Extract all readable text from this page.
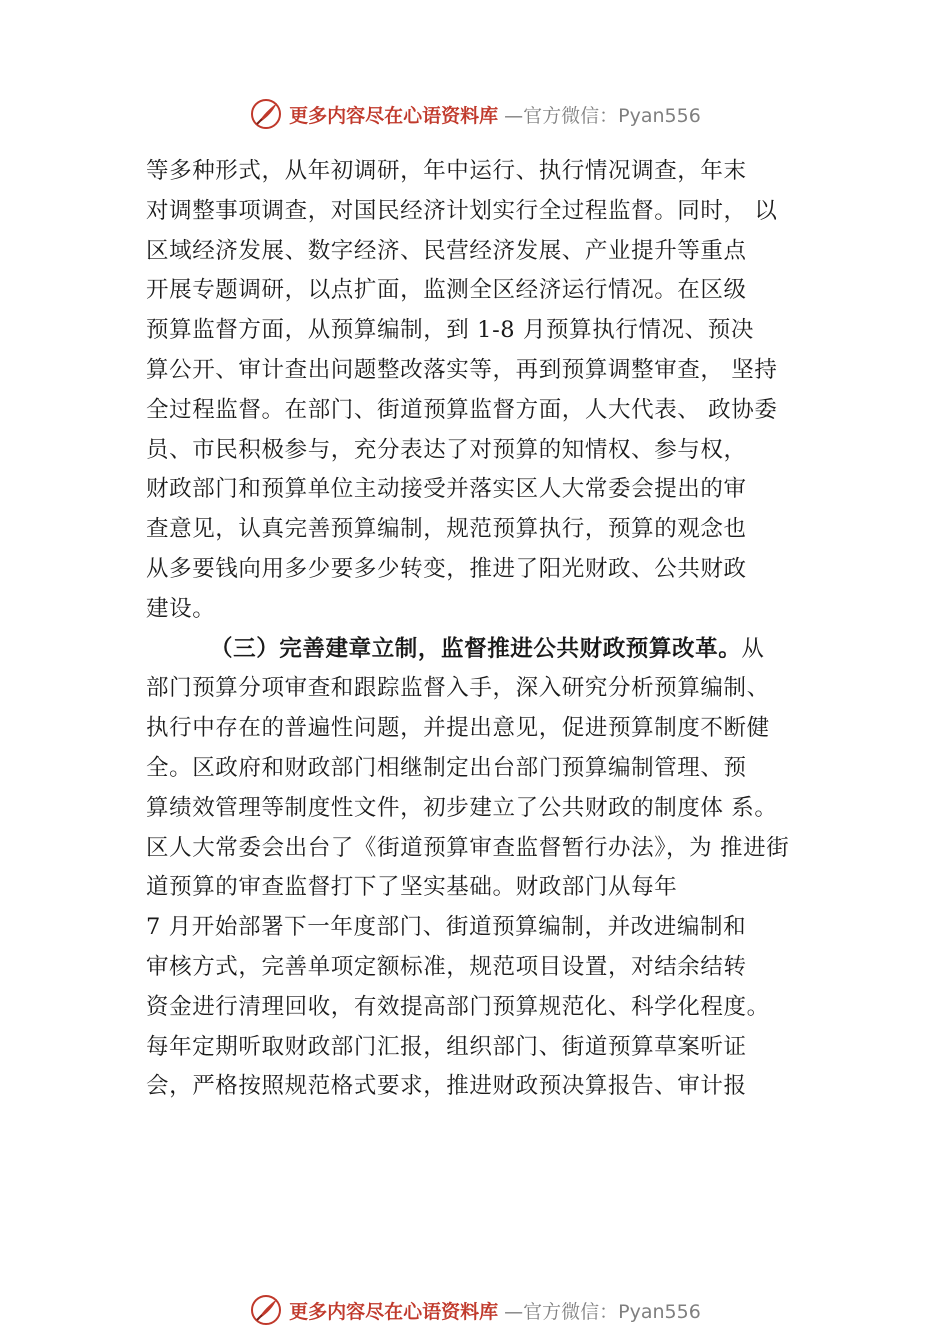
更多内容尽在心语资料库 —官方微信：Pyan556
等多种形式，从年初调研，年中运行、执行情况调查，年末
对调整事项调查，对国民经济计划实行全过程监督。同时， 以
区域经济发展、数字经济、民营经济发展、产业提升等重点
开展专题调研，以点扩面，监测全区经济运行情况。在区级
预算监督方面，从预算编制，到 1-8 月预算执行情况、预决
算公开、审计查出问题整改落实等，再到预算调整审查， 坚持
全过程监督。在部门、街道预算监督方面，人大代表、 政协委
员、市民积极参与，充分表达了对预算的知情权、参与权，
财政部门和预算单位主动接受并落实区人大常委会提出的审
查意见，认真完善预算编制，规范预算执行，预算的观念也
从多要钱向用多少要多少转变，推进了阳光财政、公共财政
建设。
（三）完善建章立制，监督推进公共财政预算改革。从
部门预算分项审查和跟踪监督入手，深入研究分析预算编制、
执行中存在的普遍性问题，并提出意见，促进预算制度不断健
全。区政府和财政部门相继制定出台部门预算编制管理、预
算绩效管理等制度性文件，初步建立了公共财政的制度体 系。
区人大常委会出台了《街道预算审查监督暂行办法》，为 推进街
道预算的审查监督打下了坚实基础。财政部门从每年
7 月开始部署下一年度部门、街道预算编制，并改进编制和
审核方式，完善单项定额标准，规范项目设置，对结余结转
资金进行清理回收，有效提高部门预算规范化、科学化程度。
每年定期听取财政部门汇报，组织部门、街道预算草案听证
会，严格按照规范格式要求，推进财政预决算报告、审计报
更多内容尽在心语资料库 —官方微信：Pyan556
